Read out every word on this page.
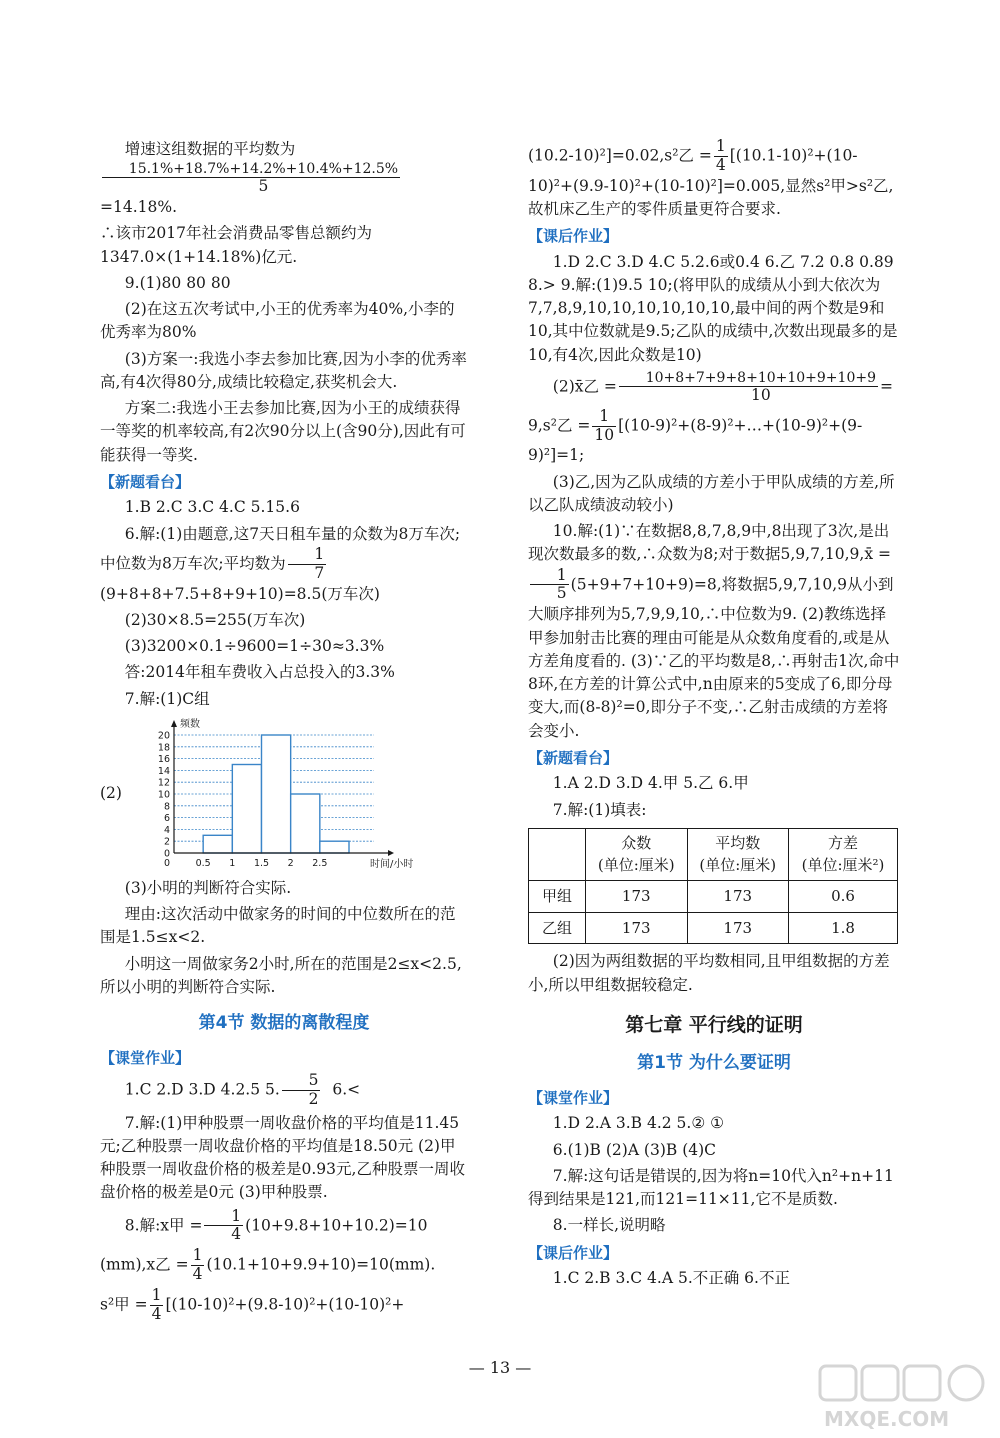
增速这组数据的平均数为
$\frac{15.1\%+18.7\%+14.2\%+10.4\%+12.5\%}{5}$
=14.18%.

∴该市2017年社会消费品零售总额约为1347.0×(1+14.18%)亿元.

9.(1)80 80 80

(2)在这五次考试中,小王的优秀率为40%,小李的优秀率为80%

(3)方案一:我选小李去参加比赛,因为小李的优秀率高,有4次得80分,成绩比较稳定,获奖机会大.

方案二:我选小王去参加比赛,因为小王的成绩获得一等奖的机率较高,有2次90分以上(含90分),因此有可能获得一等奖.

【新题看台】

1.B 2.C 3.C 4.C 5.15.6

6.解:(1)由题意,这7天日租车量的众数为8万车次;中位数为8万车次;平均数为 $\frac{1}{7}$
(9+8+8+7.5+8+9+10)=8.5(万车次)

(2)30×8.5=255(万车次)

(3)3200×0.1÷9600=1÷30≈3.3%

答:2014年租车费收入占总投入的3.3%

7.解:(1)C组

(2)
0
2
4
6
8
10
12
14
16
18
20
0.5 1 1.5 2 2.5
0
频数
时间/小时

(3)小明的判断符合实际.

理由:这次活动中做家务的时间的中位数所在的范围是1.5≤x<2.

小明这一周做家务2小时,所在的范围是2≤x<2.5,所以小明的判断符合实际.

第4节 数据的离散程度
【课堂作业】

1.C 2.D 3.D 4.2.5 5. $\frac{5}{2} 6.<$

7.解:(1)甲种股票一周收盘价格的平均值是11.45元;乙种股票一周收盘价格的平均值是18.50元 (2)甲种股票一周收盘价格的极差是0.93元,乙种股票一周收盘价格的极差是0元 (3)甲种股票.

8.解:x甲 = $\frac{1}{4} (10+9.8+10+10.2)=10$

(mm),x乙 = $\frac{1}{4} (10.1+10+9.9+10)=10(mm)$.

s²甲 = $\frac{1}{4} [(10-10)^2+(9.8-10)^2+(10-10)^2+$

(10.2-10)²]=0.02,s²乙 = $\frac{1}{4} [(10.1-10)^2+(10-10)^2+(9.9-10)^2+(10-10)^2]=0.005$,显然s²甲>s²乙,故机床乙生产的零件质量更符合要求.

【课后作业】

1.D 2.C 3.D 4.C 5.2.6或0.4 6.乙 7.2 0.8 0.89 8.> 9.解:(1)9.5 10;(将甲队的成绩从小到大依次为7,7,8,9,10,10,10,10,10,10,最中间的两个数是9和10,其中位数就是9.5;乙队的成绩中,次数出现最多的是10,有4次,因此众数是10)

(2)x̄乙 = $\frac{10+8+7+9+8+10+10+9+10+9}{10}$ =

9,s²乙 = $\frac{1}{10}$ [(10-9)²+(8-9)²+…+(10-9)²+(9-9)²]=1;

(3)乙,因为乙队成绩的方差小于甲队成绩的方差,所以乙队成绩波动较小)

10.解:(1)∵在数据8,8,7,8,9中,8出现了3次,是出现次数最多的数,∴众数为8;对于数据5,9,7,10,9,x̄ =
$\frac{1}{5} (5+9+7+10+9)=8$,将数据5,9,7,10,9从小到大顺序排列为5,7,9,9,10,∴中位数为9. (2)教练选择甲参加射击比赛的理由可能是从众数角度看的,或是从方差角度看的. (3)∵乙的平均数是8,∴再射击1次,命中8环,在方差的计算公式中,n由原来的5变成了6,即分母变大,而(8-8)²=0,即分子不变,∴乙射击成绩的方差将会变小.

【新题看台】

1.A 2.D 3.D 4.甲 5.乙 6.甲

7.解:(1)填表:

	众数
(单位:厘米)	平均数
(单位:厘米)	方差
(单位:厘米²)
甲组	173	173	0.6
乙组	173	173	1.8

(2)因为两组数据的平均数相同,且甲组数据的方差小,所以甲组数据较稳定.

第七章 平行线的证明
第1节 为什么要证明
【课堂作业】

1.D 2.A 3.B 4.2 5.② ①

6.(1)B (2)A (3)B (4)C

7.解:这句话是错误的,因为将n=10代入n²+n+11得到结果是121,而121=11×11,它不是质数.

8.一样长,说明略

【课后作业】

1.C 2.B 3.C 4.A 5.不正确 6.不正

— 13 —
MXQE.COM
